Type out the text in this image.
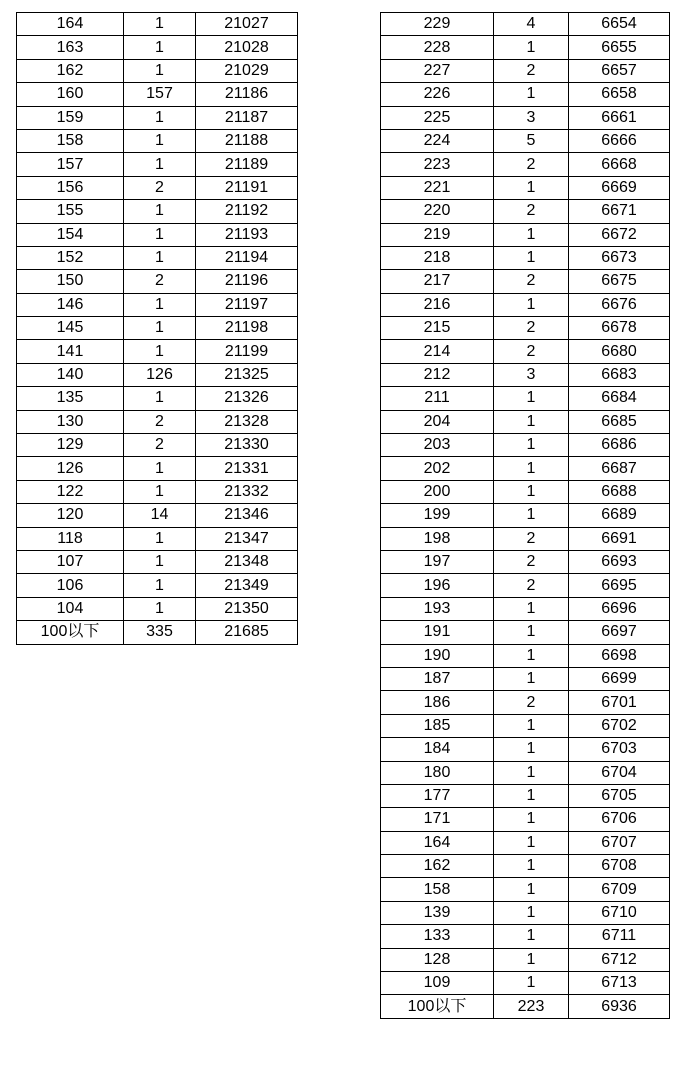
164	1	21027
163	1	21028
162	1	21029
160	157	21186
159	1	21187
158	1	21188
157	1	21189
156	2	21191
155	1	21192
154	1	21193
152	1	21194
150	2	21196
146	1	21197
145	1	21198
141	1	21199
140	126	21325
135	1	21326
130	2	21328
129	2	21330
126	1	21331
122	1	21332
120	14	21346
118	1	21347
107	1	21348
106	1	21349
104	1	21350
100以下	335	21685
229	4	6654
228	1	6655
227	2	6657
226	1	6658
225	3	6661
224	5	6666
223	2	6668
221	1	6669
220	2	6671
219	1	6672
218	1	6673
217	2	6675
216	1	6676
215	2	6678
214	2	6680
212	3	6683
211	1	6684
204	1	6685
203	1	6686
202	1	6687
200	1	6688
199	1	6689
198	2	6691
197	2	6693
196	2	6695
193	1	6696
191	1	6697
190	1	6698
187	1	6699
186	2	6701
185	1	6702
184	1	6703
180	1	6704
177	1	6705
171	1	6706
164	1	6707
162	1	6708
158	1	6709
139	1	6710
133	1	6711
128	1	6712
109	1	6713
100以下	223	6936
